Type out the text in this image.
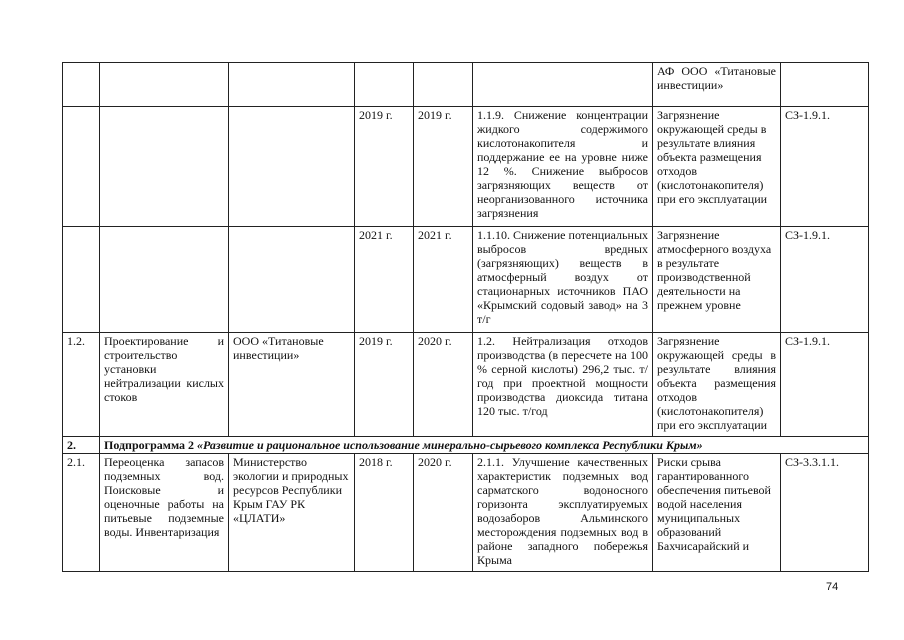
						АФ ООО «Титановые инвестиции»	
			2019 г.	2019 г.	1.1.9. Снижение концентрации жидкого содержимого кислотонакопителя и поддержание ее на уровне ниже 12 %. Снижение выбросов загрязняющих веществ от неорганизованного источника загрязнения	Загрязнение окружающей среды в результате влияния объекта размещения отходов (кислотонакопителя) при его эксплуатации	СЗ-1.9.1.
			2021 г.	2021 г.	1.1.10. Снижение потенциальных выбросов вредных (загрязняющих) веществ в атмосферный воздух от стационарных источников ПАО «Крымский содовый завод» на 3 т/г	Загрязнение атмосферного воздуха в результате производственной деятельности на прежнем уровне	СЗ-1.9.1.
1.2.	Проектирование и строительство установки нейтрализации кислых стоков	ООО «Титановые инвестиции»	2019 г.	2020 г.	1.2. Нейтрализация отходов производства (в пересчете на 100 % серной кислоты) 296,2 тыс. т/год при проектной мощности производства диоксида титана 120 тыс. т/год	Загрязнение окружающей среды в результате влияния объекта размещения отходов (кислотонакопителя) при его эксплуатации	СЗ-1.9.1.
2.	Подпрограмма 2 «Развитие и рациональное использование минерально-сырьевого комплекса Республики Крым»						
2.1.	Переоценка запасов подземных вод. Поисковые и оценочные работы на питьевые подземные воды. Инвентаризация	Министерство экологии и природных ресурсов Республики Крым ГАУ РК «ЦЛАТИ»	2018 г.	2020 г.	2.1.1. Улучшение качественных характеристик подземных вод сарматского водоносного горизонта эксплуатируемых водозаборов Альминского месторождения подземных вод в районе западного побережья Крыма	Риски срыва гарантированного обеспечения питьевой водой населения муниципальных образований Бахчисарайский и	СЗ-3.3.1.1.
74
